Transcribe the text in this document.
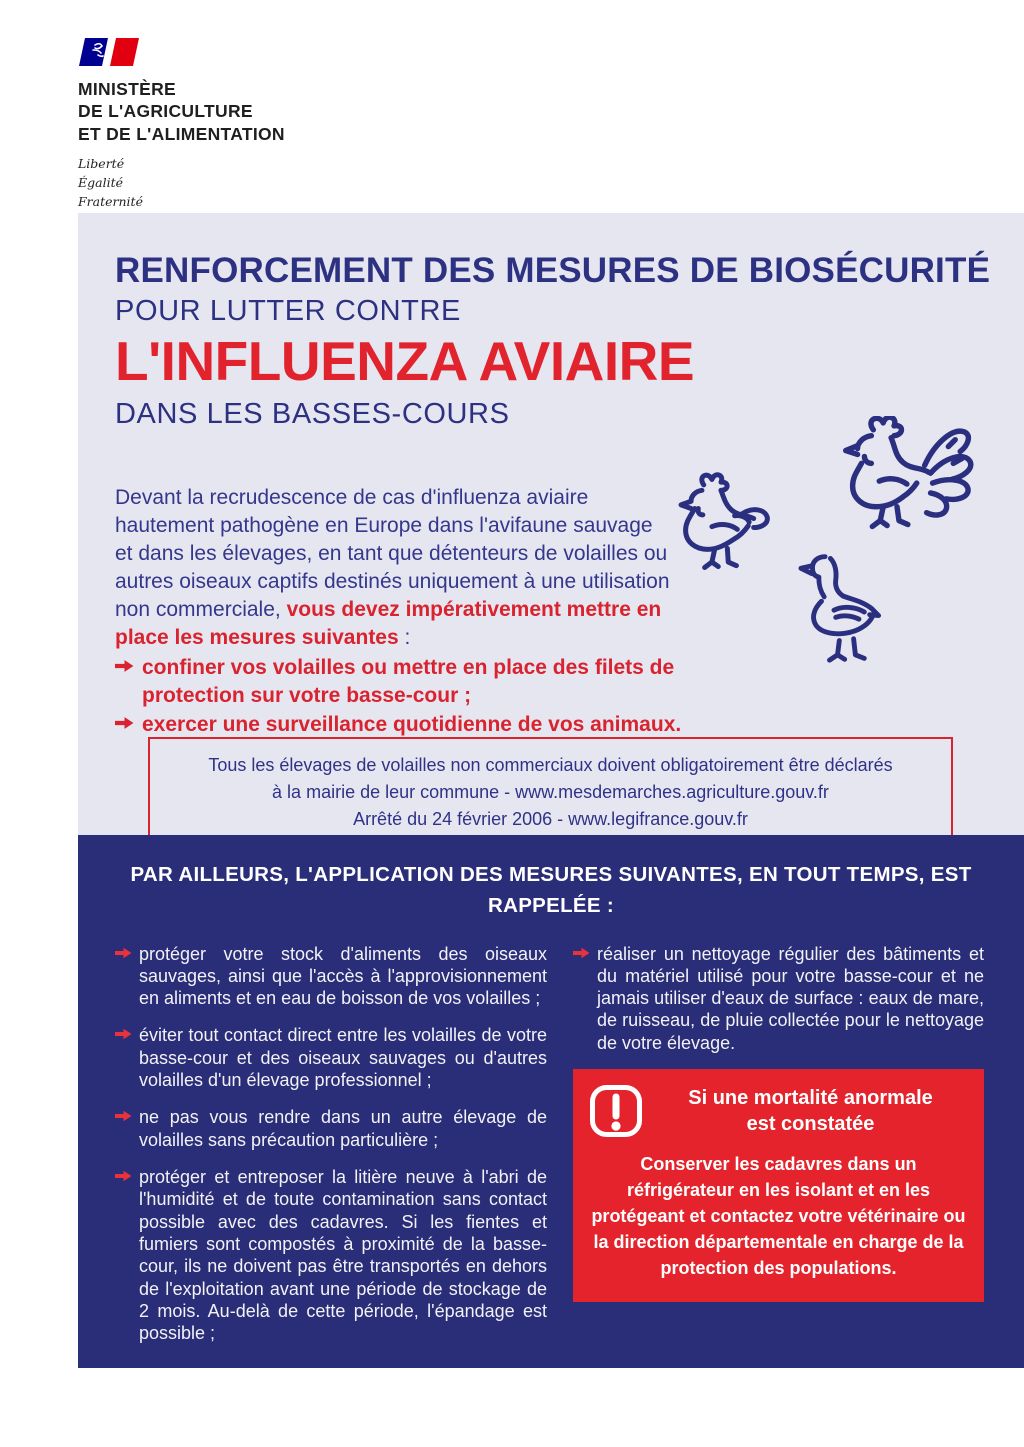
MINISTÈRE
DE L'AGRICULTURE
ET DE L'ALIMENTATION
Liberté
Égalité
Fraternité
RENFORCEMENT DES MESURES DE BIOSÉCURITÉ
POUR LUTTER CONTRE
L'INFLUENZA AVIAIRE
DANS LES BASSES-COURS

Devant la recrudescence de cas d'influenza aviaire hautement pathogène en Europe dans l'avifaune sauvage et dans les élevages, en tant que détenteurs de volailles ou autres oiseaux captifs destinés uniquement à une utilisation non commerciale, vous devez impérativement mettre en place les mesures suivantes :

confiner vos volailles ou mettre en place des filets de protection sur votre basse-cour ;
exercer une surveillance quotidienne de vos animaux.
Tous les élevages de volailles non commerciaux doivent obligatoirement être déclarés
à la mairie de leur commune - www.mesdemarches.agriculture.gouv.fr
Arrêté du 24 février 2006 - www.legifrance.gouv.fr
PAR AILLEURS, L'APPLICATION DES MESURES SUIVANTES, EN TOUT TEMPS, EST RAPPELÉE :
protéger votre stock d'aliments des oiseaux sauvages, ainsi que l'accès à l'approvisionnement en aliments et en eau de boisson de vos volailles ;
éviter tout contact direct entre les volailles de votre basse-cour et des oiseaux sauvages ou d'autres volailles d'un élevage professionnel ;
ne pas vous rendre dans un autre élevage de volailles sans précaution particulière ;
protéger et entreposer la litière neuve à l'abri de l'humidité et de toute contamination sans contact possible avec des cadavres. Si les fientes et fumiers sont compostés à proximité de la basse-cour, ils ne doivent pas être transportés en dehors de l'exploitation avant une période de stockage de 2 mois. Au-delà de cette période, l'épandage est possible ;
réaliser un nettoyage régulier des bâtiments et du matériel utilisé pour votre basse-cour et ne jamais utiliser d'eaux de surface : eaux de mare, de ruisseau, de pluie collectée pour le nettoyage de votre élevage.
Si une mortalité anormale
est constatée
Conserver les cadavres dans un réfrigérateur en les isolant et en les protégeant et contactez votre vétérinaire ou la direction départementale en charge de la protection des populations.
http://agriculture.gouv.fr/influenza-aviaire-strategie-de-gestion-dune-crise-sanitaire
